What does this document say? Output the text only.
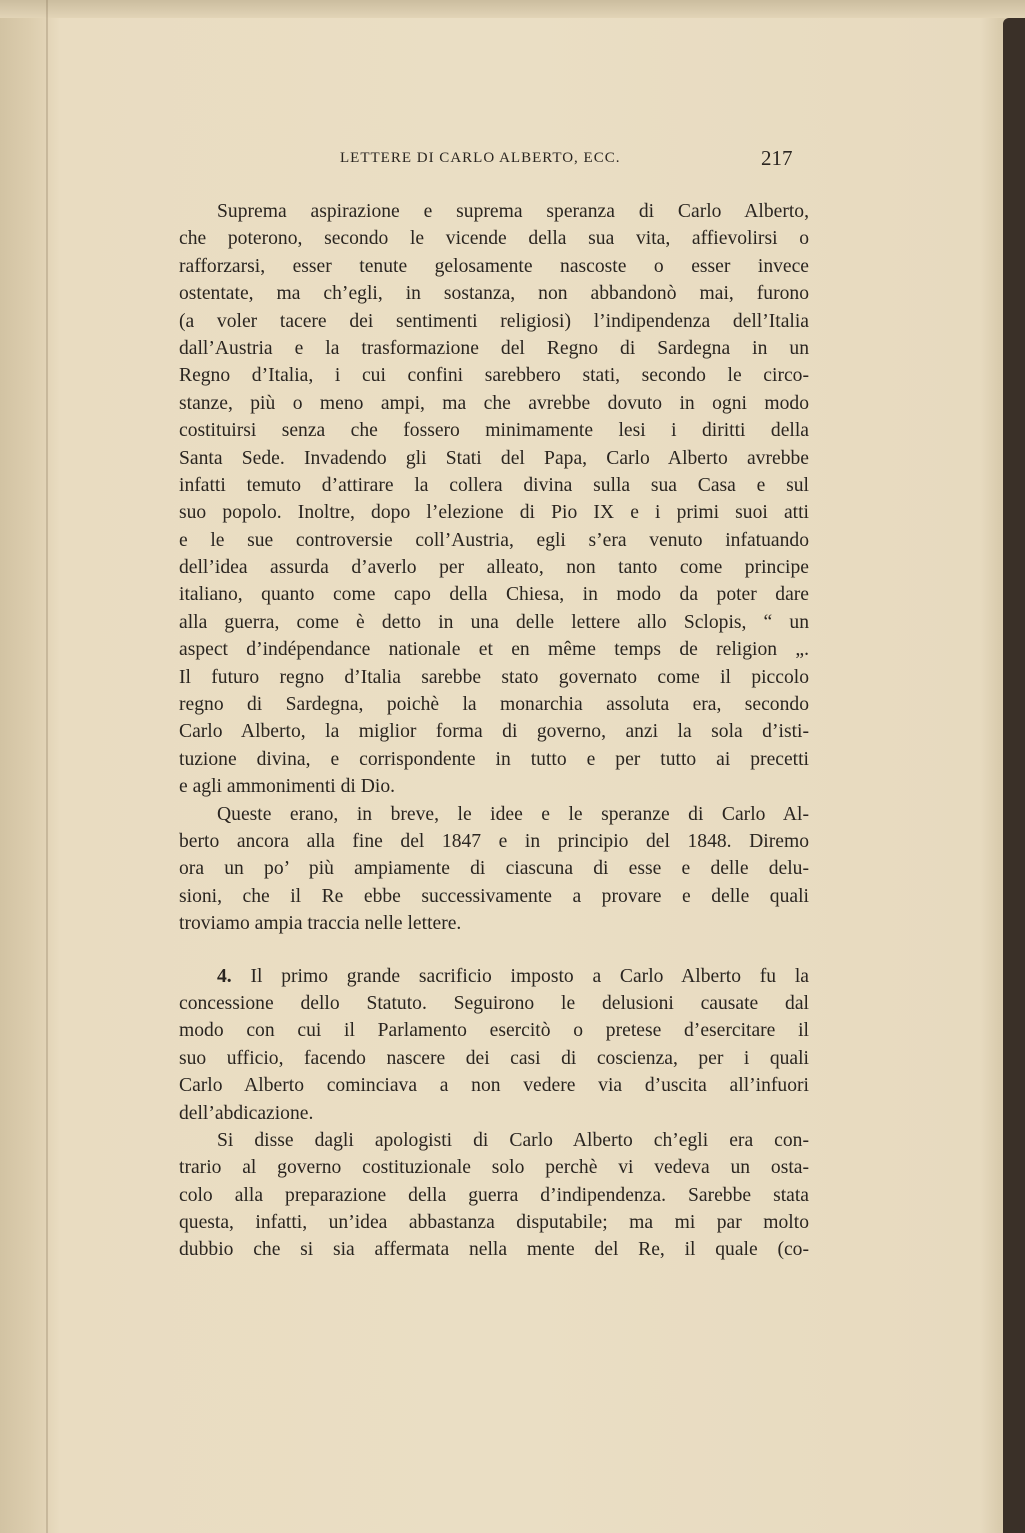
LETTERE DI CARLO ALBERTO, ECC.	217
Suprema aspirazione e suprema speranza di Carlo Alberto,
che poterono, secondo le vicende della sua vita, affievolirsi o
rafforzarsi, esser tenute gelosamente nascoste o esser invece
ostentate, ma ch’egli, in sostanza, non abbandonò mai, furono
(a voler tacere dei sentimenti religiosi) l’indipendenza dell’Italia
dall’Austria e la trasformazione del Regno di Sardegna in un
Regno d’Italia, i cui confini sarebbero stati, secondo le circo-
stanze, più o meno ampi, ma che avrebbe dovuto in ogni modo
costituirsi senza che fossero minimamente lesi i diritti della
Santa Sede. Invadendo gli Stati del Papa, Carlo Alberto avrebbe
infatti temuto d’attirare la collera divina sulla sua Casa e sul
suo popolo. Inoltre, dopo l’elezione di Pio IX e i primi suoi atti
e le sue controversie coll’Austria, egli s’era venuto infatuando
dell’idea assurda d’averlo per alleato, non tanto come principe
italiano, quanto come capo della Chiesa, in modo da poter dare
alla guerra, come è detto in una delle lettere allo Sclopis, “ un
aspect d’indépendance nationale et en même temps de religion „.
Il futuro regno d’Italia sarebbe stato governato come il piccolo
regno di Sardegna, poichè la monarchia assoluta era, secondo
Carlo Alberto, la miglior forma di governo, anzi la sola d’isti-
tuzione divina, e corrispondente in tutto e per tutto ai precetti
e agli ammonimenti di Dio.
Queste erano, in breve, le idee e le speranze di Carlo Al-
berto ancora alla fine del 1847 e in principio del 1848. Diremo
ora un po’ più ampiamente di ciascuna di esse e delle delu-
sioni, che il Re ebbe successivamente a provare e delle quali
troviamo ampia traccia nelle lettere.
4. Il primo grande sacrificio imposto a Carlo Alberto fu la
concessione dello Statuto. Seguirono le delusioni causate dal
modo con cui il Parlamento esercitò o pretese d’esercitare il
suo ufficio, facendo nascere dei casi di coscienza, per i quali
Carlo Alberto cominciava a non vedere via d’uscita all’infuori
dell’abdicazione.
Si disse dagli apologisti di Carlo Alberto ch’egli era con-
trario al governo costituzionale solo perchè vi vedeva un osta-
colo alla preparazione della guerra d’indipendenza. Sarebbe stata
questa, infatti, un’idea abbastanza disputabile; ma mi par molto
dubbio che si sia affermata nella mente del Re, il quale (co-
